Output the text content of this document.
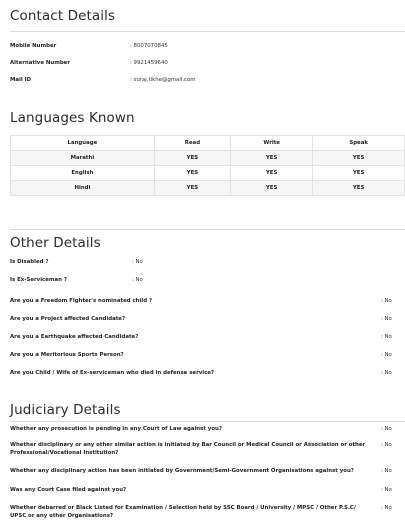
Contact Details
Mobile Number	: 8007070845
Alternative Number	: 9921459640
Mail ID	: suraj.tikhe@gmail.com
Languages Known
Language	Read	Write	Speak
Marathi	YES	YES	YES
English	YES	YES	YES
Hindi	YES	YES	YES
Other Details
Is Disabled ?	: No
Is Ex-Serviceman ?	: No
Are you a Freedom Fighter's nominated child ?	: No
Are you a Project affected Candidate?	: No
Are you a Earthquake affected Candidate?	: No
Are you a Meritorious Sports Person?	: No
Are you Child / Wife of Ex-serviceman who died in defense service?	: No
Judiciary Details
Whether any prosecution is pending in any Court of Law against you?	: No
Whether disciplinary or any other similar action is initiated by Bar Council or Medical Council or Association or other Professional/Vocational Institution?
: No
Whether any disciplinary action has been initiated by Government/Semi-Government Organisations against you?	: No
Was any Court Case filed against you?	: No
Whether debarred or Black Listed for Examination / Selection held by SSC Board / University / MPSC / Other P.S.C/ UPSC or any other Organisations?
: No
